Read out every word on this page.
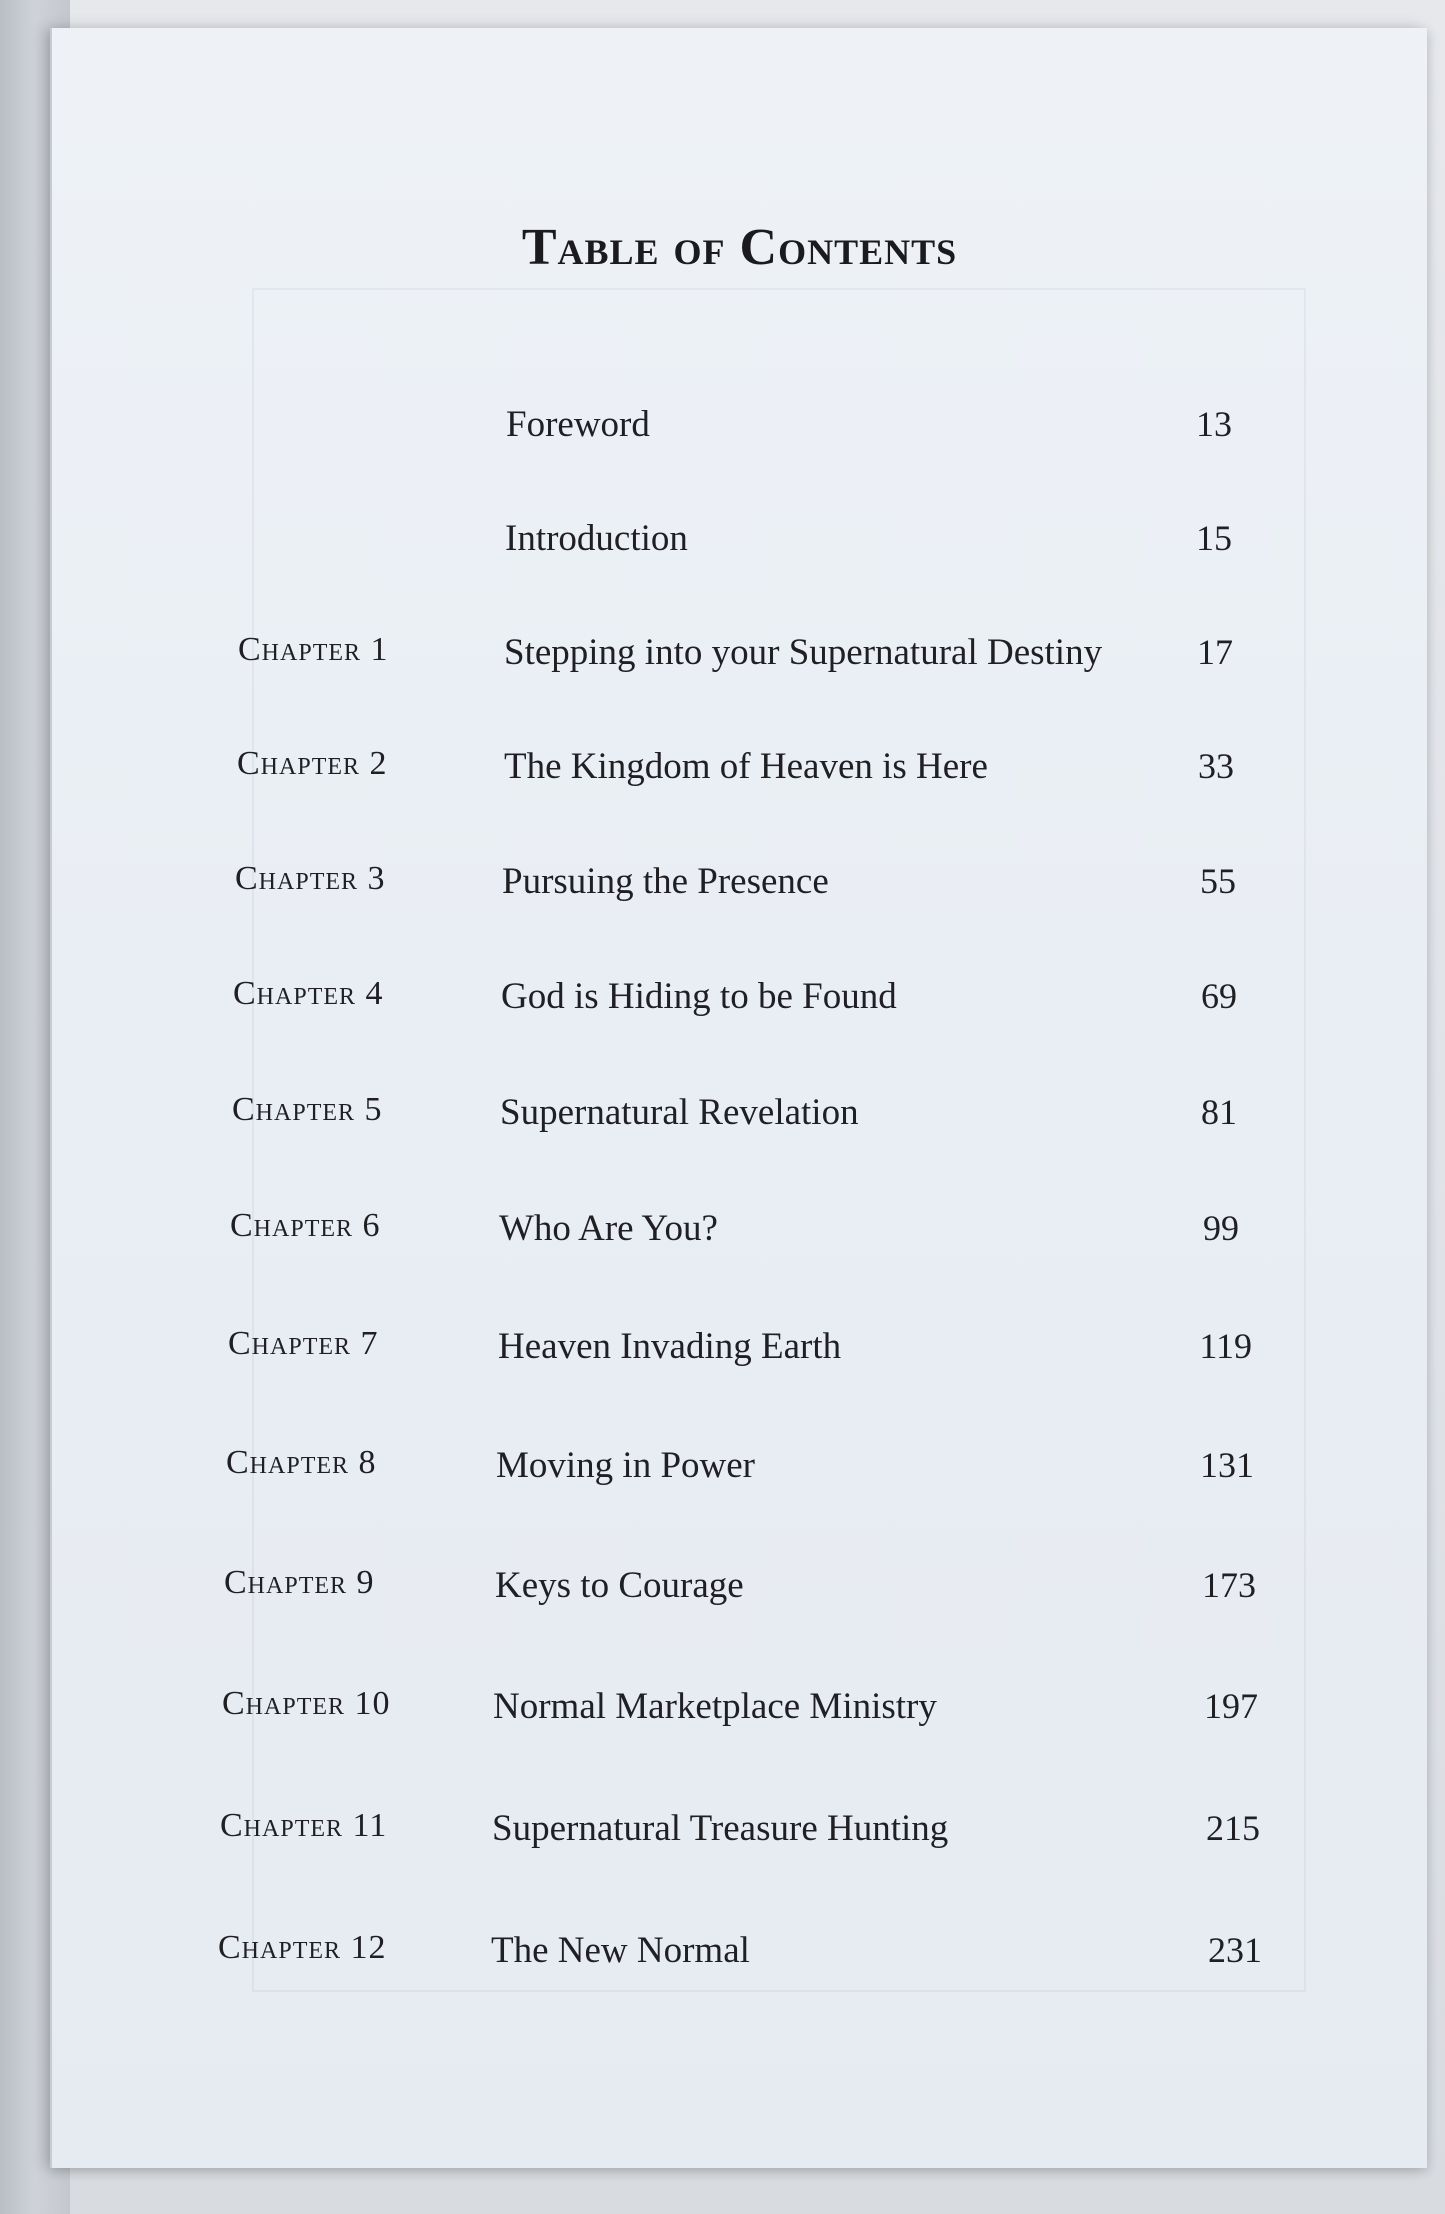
Table of Contents
Foreword	13
Introduction	15
Chapter 1	Stepping into your Supernatural Destiny	17
Chapter 2	The Kingdom of Heaven is Here	33
Chapter 3	Pursuing the Presence	55
Chapter 4	God is Hiding to be Found	69
Chapter 5	Supernatural Revelation	81
Chapter 6	Who Are You?	99
Chapter 7	Heaven Invading Earth	119
Chapter 8	Moving in Power	131
Chapter 9	Keys to Courage	173
Chapter 10	Normal Marketplace Ministry	197
Chapter 11	Supernatural Treasure Hunting	215
Chapter 12	The New Normal	231
